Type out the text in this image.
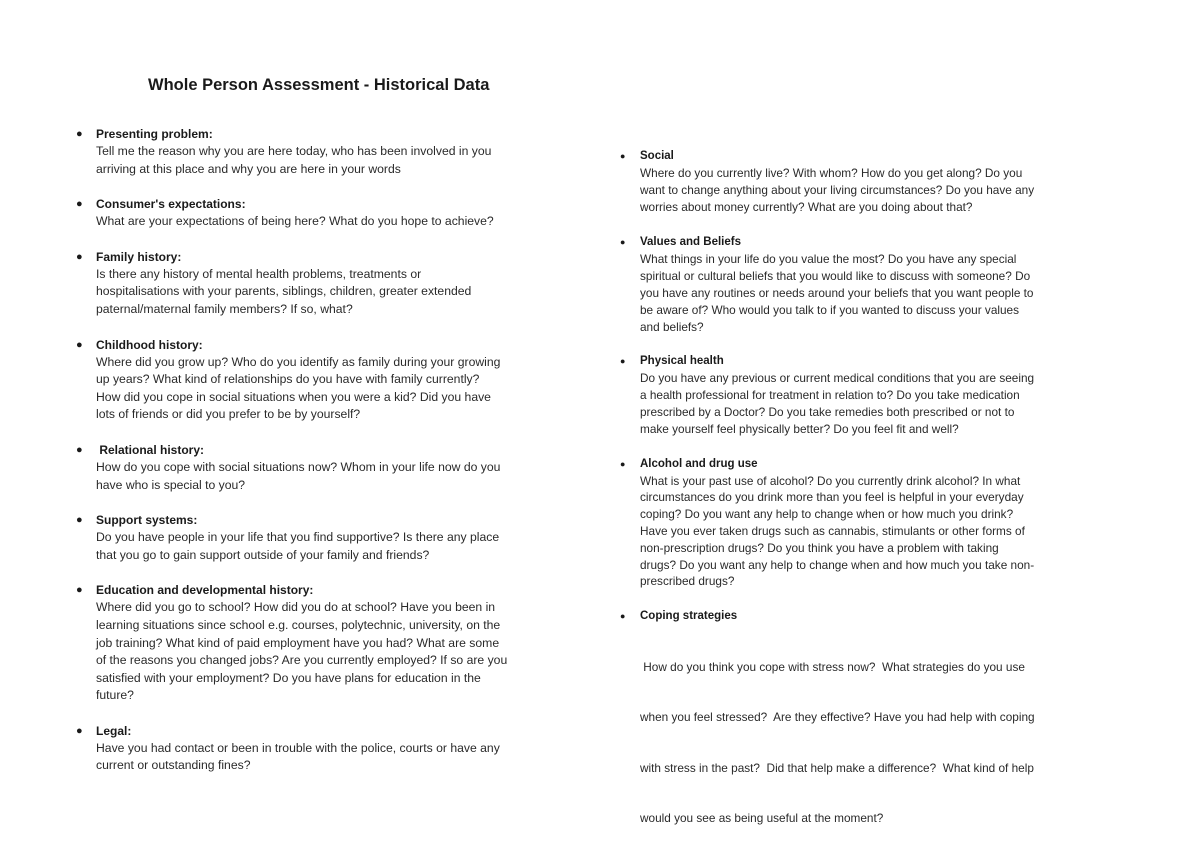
Whole Person Assessment - Historical Data
● Presenting problem:
Tell me the reason why you are here today, who has been involved in you
arriving at this place and why you are here in your words
● Consumer's expectations:
What are your expectations of being here? What do you hope to achieve?
● Family history:
Is there any history of mental health problems, treatments or
hospitalisations with your parents, siblings, children, greater extended
paternal/maternal family members? If so, what?
● Childhood history:
Where did you grow up? Who do you identify as family during your growing
up years? What kind of relationships do you have with family currently?
How did you cope in social situations when you were a kid? Did you have
lots of friends or did you prefer to be by yourself?
● Relational history:
How do you cope with social situations now? Whom in your life now do you
have who is special to you?
● Support systems:
Do you have people in your life that you find supportive? Is there any place
that you go to gain support outside of your family and friends?
● Education and developmental history:
Where did you go to school? How did you do at school? Have you been in
learning situations since school e.g. courses, polytechnic, university, on the
job training? What kind of paid employment have you had? What are some
of the reasons you changed jobs? Are you currently employed? If so are you
satisfied with your employment? Do you have plans for education in the
future?
● Legal:
Have you had contact or been in trouble with the police, courts or have any
current or outstanding fines?
● Social
Where do you currently live? With whom? How do you get along? Do you
want to change anything about your living circumstances? Do you have any
worries about money currently? What are you doing about that?
● Values and Beliefs
What things in your life do you value the most? Do you have any special
spiritual or cultural beliefs that you would like to discuss with someone? Do
you have any routines or needs around your beliefs that you want people to
be aware of? Who would you talk to if you wanted to discuss your values
and beliefs?
● Physical health
Do you have any previous or current medical conditions that you are seeing
a health professional for treatment in relation to? Do you take medication
prescribed by a Doctor? Do you take remedies both prescribed or not to
make yourself feel physically better? Do you feel fit and well?
● Alcohol and drug use
What is your past use of alcohol? Do you currently drink alcohol? In what
circumstances do you drink more than you feel is helpful in your everyday
coping? Do you want any help to change when or how much you drink?
Have you ever taken drugs such as cannabis, stimulants or other forms of
non-prescription drugs? Do you think you have a problem with taking
drugs? Do you want any help to change when and how much you take non-
prescribed drugs?
● Coping strategies

How do you think you cope with stress now?  What strategies do you use

when you feel stressed?  Are they effective? Have you had help with coping

with stress in the past?  Did that help make a difference?  What kind of help

would you see as being useful at the moment?
